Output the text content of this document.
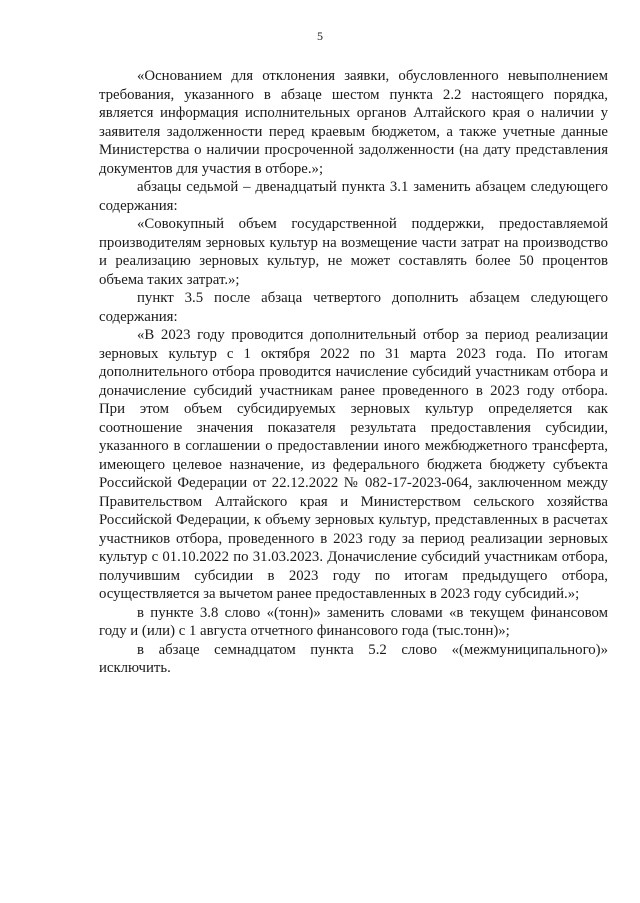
5

«Основанием для отклонения заявки, обусловленного невыполнением требования, указанного в абзаце шестом пункта 2.2 настоящего порядка, является информация исполнительных органов Алтайского края о наличии у заявителя задолженности перед краевым бюджетом, а также учетные данные Министерства о наличии просроченной задолженности (на дату представления документов для участия в отборе.»;

абзацы седьмой – двенадцатый пункта 3.1 заменить абзацем следующего содержания:

«Совокупный объем государственной поддержки, предоставляемой производителям зерновых культур на возмещение части затрат на производство и реализацию зерновых культур, не может составлять более 50 процентов объема таких затрат.»;

пункт 3.5 после абзаца четвертого дополнить абзацем следующего содержания:

«В 2023 году проводится дополнительный отбор за период реализации зерновых культур с 1 октября 2022 по 31 марта 2023 года. По итогам дополнительного отбора проводится начисление субсидий участникам отбора и доначисление субсидий участникам ранее проведенного в 2023 году отбора. При этом объем субсидируемых зерновых культур определяется как соотношение значения показателя результата предоставления субсидии, указанного в соглашении о предоставлении иного межбюджетного трансферта, имеющего целевое назначение, из федерального бюджета бюджету субъекта Российской Федерации от 22.12.2022 № 082-17-2023-064, заключенном между Правительством Алтайского края и Министерством сельского хозяйства Российской Федерации, к объему зерновых культур, представленных в расчетах участников отбора, проведенного в 2023 году за период реализации зерновых культур с 01.10.2022 по 31.03.2023. Доначисление субсидий участникам отбора, получившим субсидии в 2023 году по итогам предыдущего отбора, осуществляется за вычетом ранее предоставленных в 2023 году субсидий.»;

в пункте 3.8 слово «(тонн)» заменить словами «в текущем финансовом году и (или) с 1 августа отчетного финансового года (тыс.тонн)»;

в абзаце семнадцатом пункта 5.2 слово «(межмуниципального)» исключить.
